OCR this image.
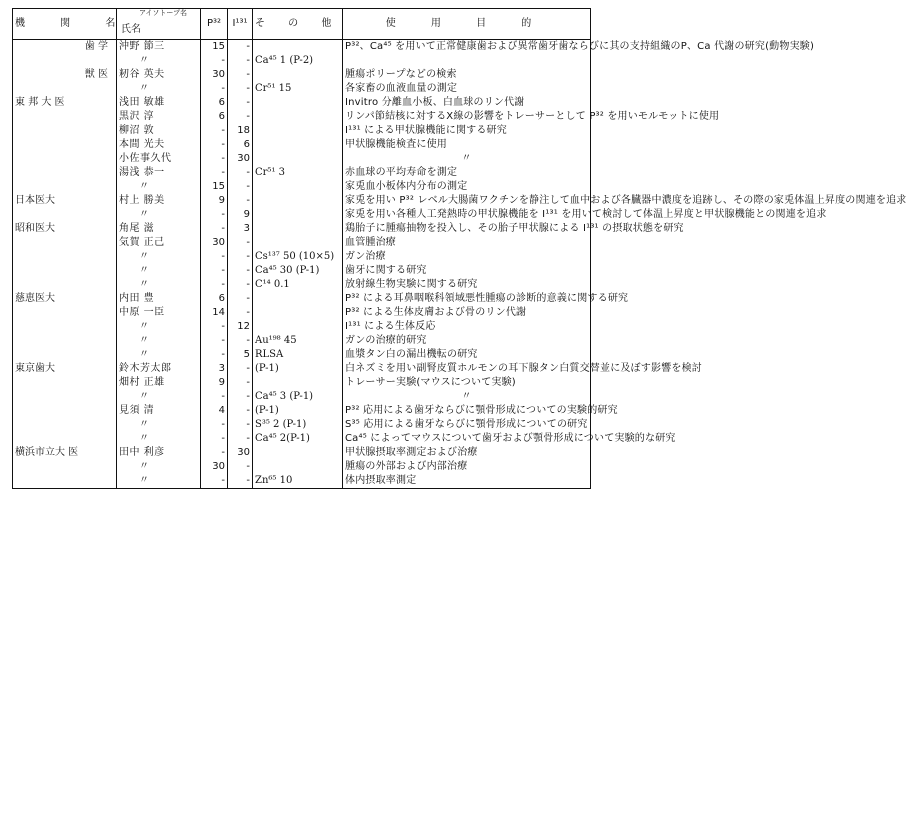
機 関 名	アイソトープ名
氏名	P³²	I¹³¹	そ の 他	使 用 目 的
歯 学	沖野 節三	15	-		P³²、Ca⁴⁵ を用いて正常健康歯および異常歯牙歯ならびに其の支持組織のP、Ca 代謝の研究(動物実験)
	〃	-	-	Ca⁴⁵ 1 (P-2)	
獣 医	籾谷 英夫	30	-		腫瘍ポリープなどの検索
	〃	-	-	Cr⁵¹ 15	各家畜の血液血量の測定
東 邦 大 医	浅田 敏雄	6	-		Invitro 分離血小板、白血球のリン代謝
	黒沢 淳	6	-		リンパ節結核に対するX線の影響をトレーサーとして P³² を用いモルモットに使用
	柳沼 敦	-	18		I¹³¹ による甲状腺機能に関する研究
	本間 光夫	-	6		甲状腺機能検査に使用
	小佐事久代	-	30		〃

	湯浅 恭一	-	-	Cr⁵¹ 3	赤血球の平均寿命を測定
	〃	15	-		家兎血小板体内分布の測定
日本医大	村上 勝美	9	-		家兎を用い P³² レベル大腸菌ワクチンを静注して血中および各臓器中濃度を追跡し、その際の家兎体温上昇度の関連を追求
	〃	-	9		家兎を用い各種人工発熱時の甲状腺機能を I¹³¹ を用いて検討して体温上昇度と甲状腺機能との関連を追求
昭和医大	角尾 滋	-	3		鶏胎子に腫瘍抽物を投入し、その胎子甲状腺による I¹³¹ の摂取状態を研究
	気賀 正己	30	-		血管腫治療
	〃	-	-	Cs¹³⁷ 50 (10×5)	ガン治療
	〃	-	-	Ca⁴⁵ 30 (P-1)	歯牙に関する研究
	〃	-	-	C¹⁴ 0.1	放射線生物実験に関する研究
慈恵医大	内田 豊	6	-		P³² による耳鼻咽喉科領域悪性腫瘍の診断的意義に関する研究
	中原 一臣	14	-		P³² による生体皮膚および骨のリン代謝
	〃	-	12		I¹³¹ による生体反応
	〃	-	-	Au¹⁹⁸ 45	ガンの治療的研究
	〃	-	5	RLSA	血漿タン白の漏出機転の研究
東京歯大	鈴木芳太郎	3	-	(P-1)	白ネズミを用い副腎皮質ホルモンの耳下腺タン白質交替並に及ぼす影響を検討
	畑村 正雄	9	-		トレーサー実験(マウスについて実験)
	〃	-	-	Ca⁴⁵ 3 (P-1)	〃

	見須 清	4	-	(P-1)	P³² 応用による歯牙ならびに顎骨形成についての実験的研究
	〃	-	-	S³⁵ 2 (P-1)	S³⁵ 応用による歯牙ならびに顎骨形成についての研究
	〃	-	-	Ca⁴⁵ 2(P-1)	Ca⁴⁵ によってマウスについて歯牙および顎骨形成について実験的な研究
横浜市立大 医	田中 利彦	-	30		甲状腺摂取率測定および治療
	〃	30	-		腫瘍の外部および内部治療
	〃	-	-	Zn⁶⁵ 10	体内摂取率測定
